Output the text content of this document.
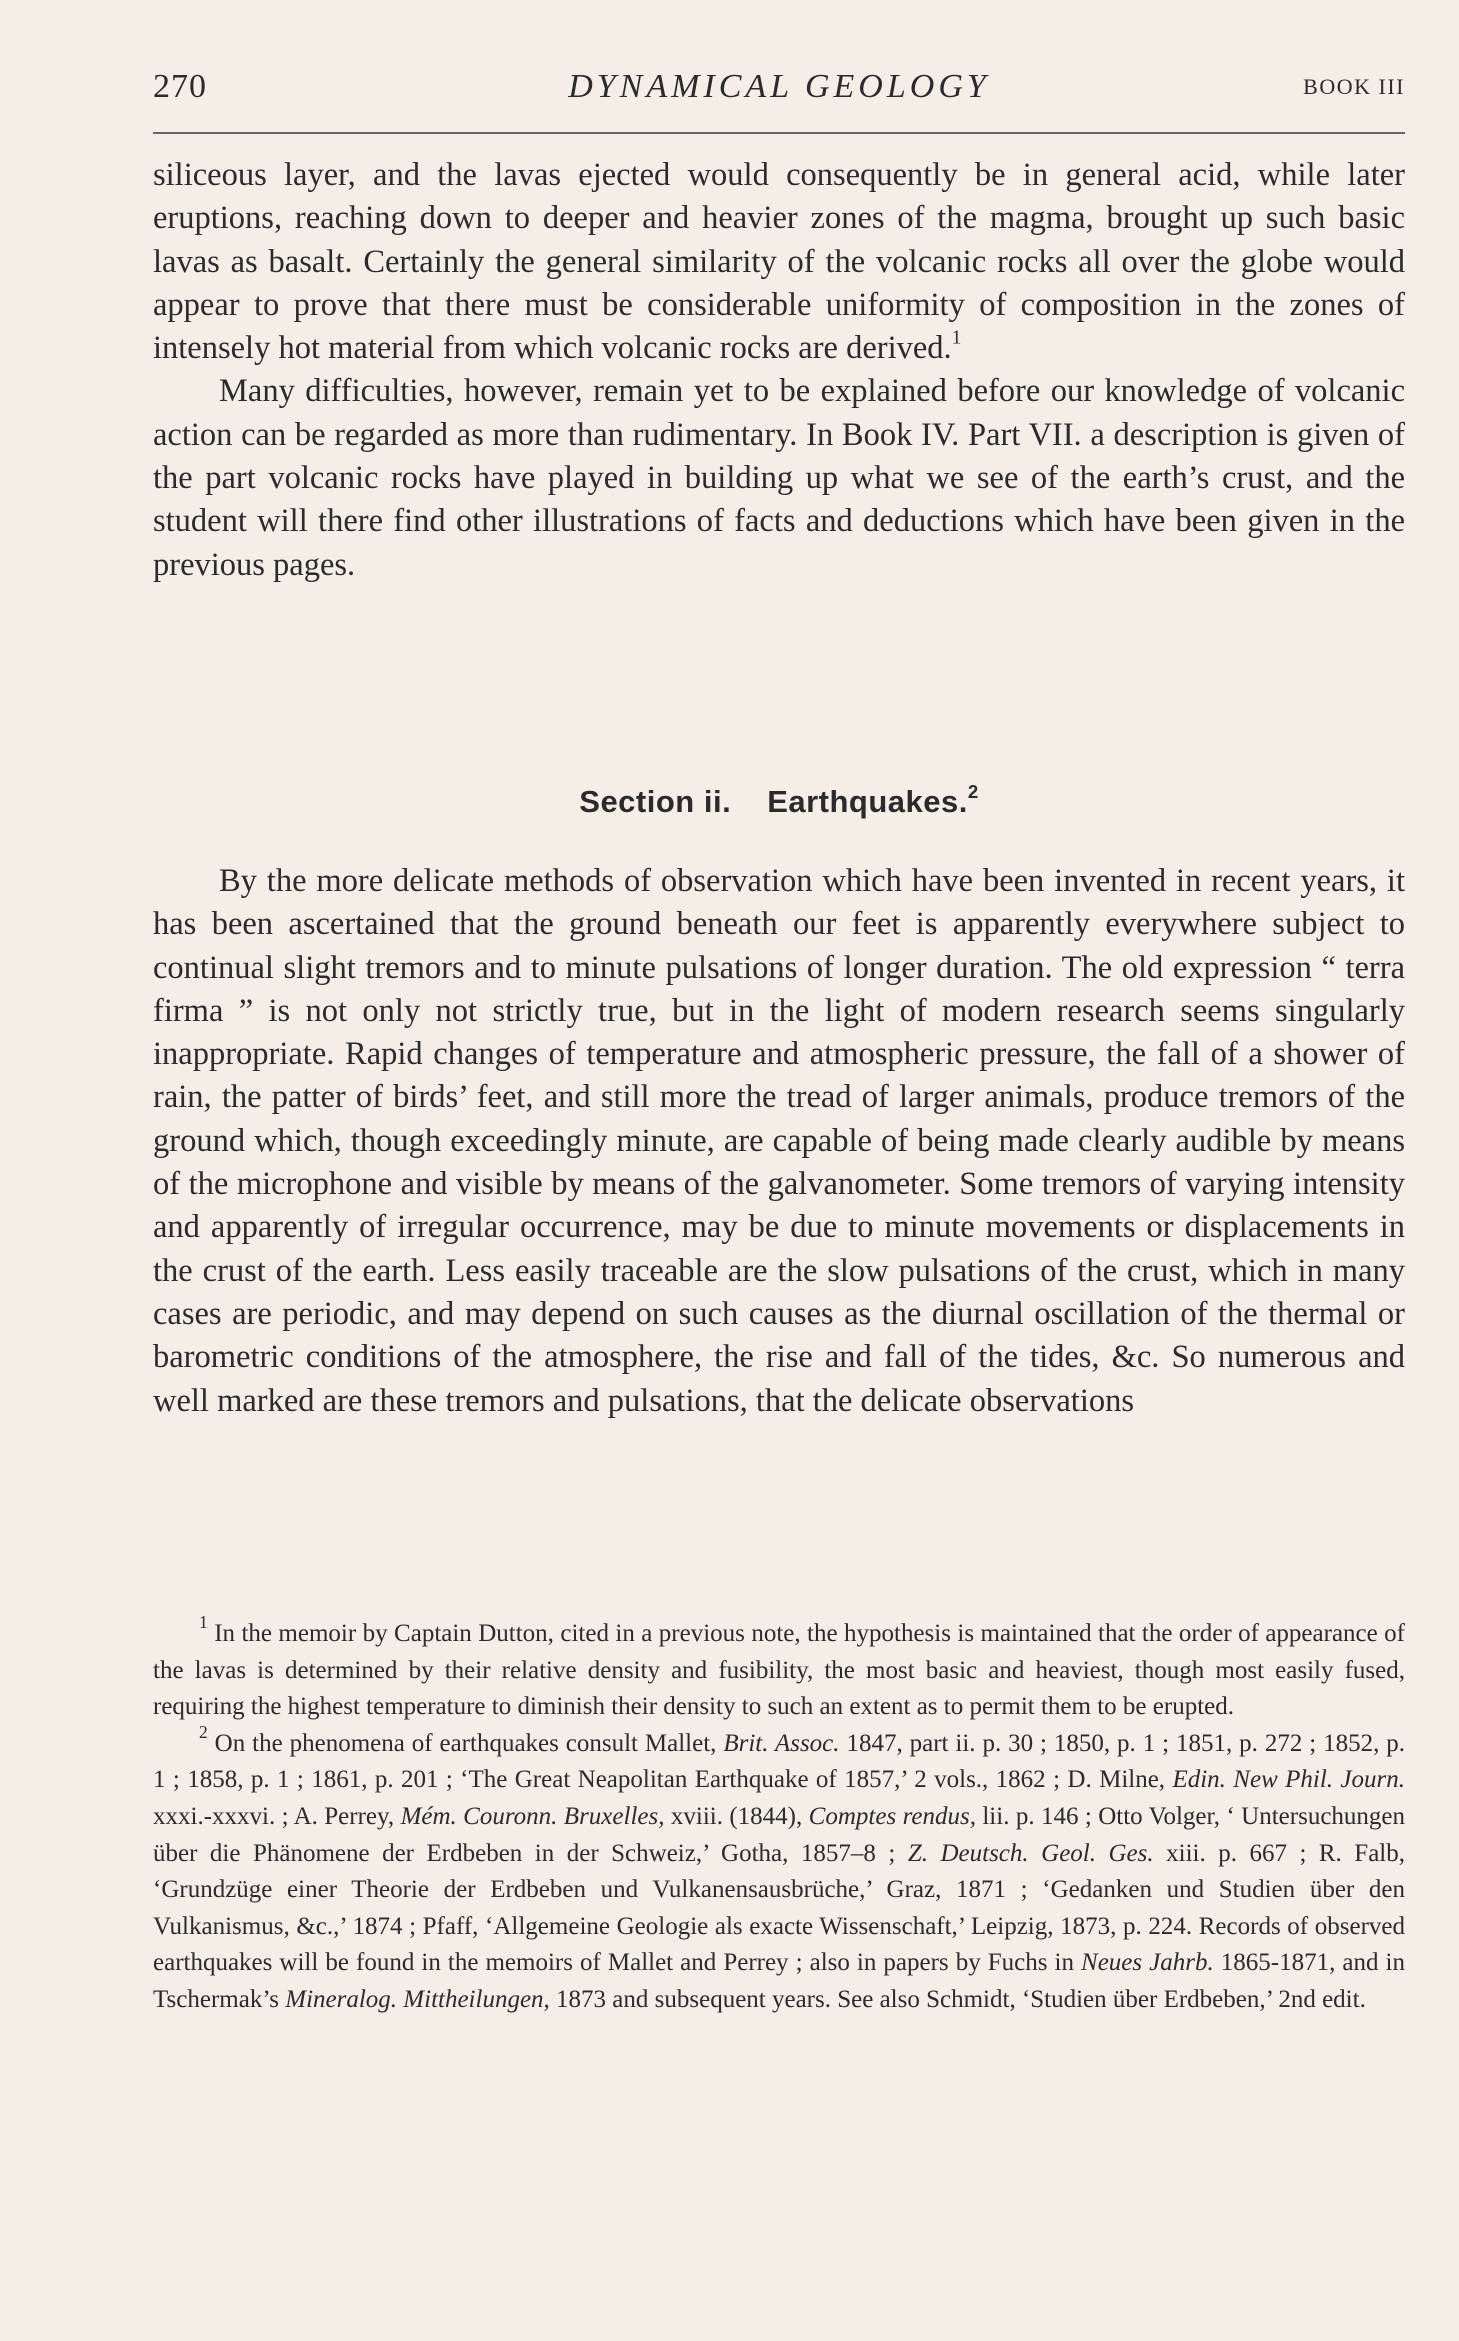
270	DYNAMICAL GEOLOGY	BOOK III

siliceous layer, and the lavas ejected would consequently be in general acid, while later eruptions, reaching down to deeper and heavier zones of the magma, brought up such basic lavas as basalt. Certainly the general similarity of the volcanic rocks all over the globe would appear to prove that there must be considerable uniformity of composition in the zones of intensely hot material from which volcanic rocks are derived.$^1$

Many difficulties, however, remain yet to be explained before our knowledge of volcanic action can be regarded as more than rudimentary. In Book IV. Part VII. a description is given of the part volcanic rocks have played in building up what we see of the earth’s crust, and the student will there find other illustrations of facts and deductions which have been given in the previous pages.

Section ii. Earthquakes.$^2$
By the more delicate methods of observation which have been invented in recent years, it has been ascertained that the ground beneath our feet is apparently everywhere subject to continual slight tremors and to minute pulsations of longer duration. The old expression “ terra firma ” is not only not strictly true, but in the light of modern research seems singularly inappropriate. Rapid changes of temperature and atmospheric pressure, the fall of a shower of rain, the patter of birds’ feet, and still more the tread of larger animals, produce tremors of the ground which, though exceedingly minute, are capable of being made clearly audible by means of the microphone and visible by means of the galvanometer. Some tremors of varying intensity and apparently of irregular occurrence, may be due to minute movements or displacements in the crust of the earth. Less easily traceable are the slow pulsations of the crust, which in many cases are periodic, and may depend on such causes as the diurnal oscillation of the thermal or barometric conditions of the atmosphere, the rise and fall of the tides, &c. So numerous and well marked are these tremors and pulsations, that the delicate observations

$^1$ In the memoir by Captain Dutton, cited in a previous note, the hypothesis is maintained that the order of appearance of the lavas is determined by their relative density and fusibility, the most basic and heaviest, though most easily fused, requiring the highest temperature to diminish their density to such an extent as to permit them to be erupted.

$^2$ On the phenomena of earthquakes consult Mallet, Brit. Assoc. 1847, part ii. p. 30 ; 1850, p. 1 ; 1851, p. 272 ; 1852, p. 1 ; 1858, p. 1 ; 1861, p. 201 ; ‘The Great Neapolitan Earthquake of 1857,’ 2 vols., 1862 ; D. Milne, Edin. New Phil. Journ. xxxi.-xxxvi. ; A. Perrey, Mém. Couronn. Bruxelles, xviii. (1844), Comptes rendus, lii. p. 146 ; Otto Volger, ‘ Untersuchungen über die Phänomene der Erdbeben in der Schweiz,’ Gotha, 1857–8 ; Z. Deutsch. Geol. Ges. xiii. p. 667 ; R. Falb, ‘Grundzüge einer Theorie der Erdbeben und Vulkanensausbrüche,’ Graz, 1871 ; ‘Gedanken und Studien über den Vulkanismus, &c.,’ 1874 ; Pfaff, ‘Allgemeine Geologie als exacte Wissenschaft,’ Leipzig, 1873, p. 224. Records of observed earthquakes will be found in the memoirs of Mallet and Perrey ; also in papers by Fuchs in Neues Jahrb. 1865-1871, and in Tschermak’s Mineralog. Mittheilungen, 1873 and subsequent years. See also Schmidt, ‘Studien über Erdbeben,’ 2nd edit.
